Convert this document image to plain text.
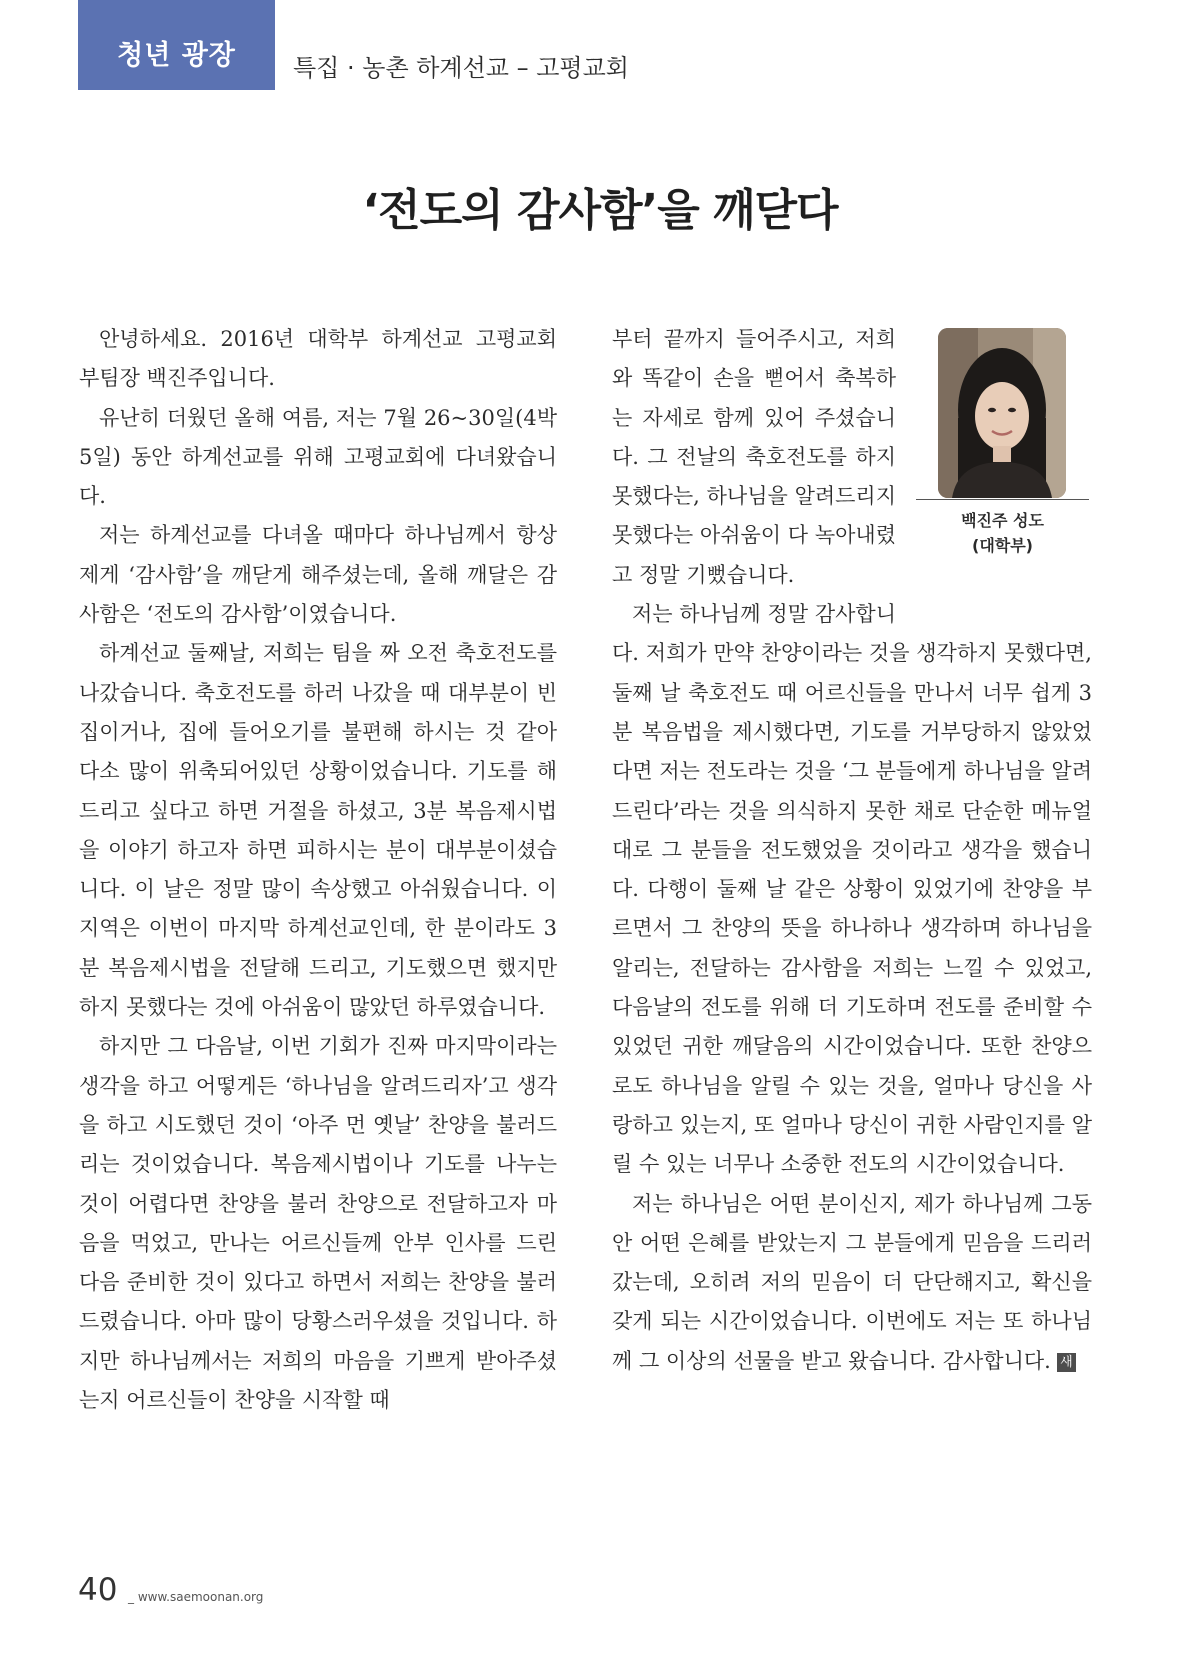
청년 광장	특집 · 농촌 하계선교 – 고평교회
‘전도의 감사함’을 깨닫다

안녕하세요. 2016년 대학부 하계선교 고평교회 부팀장 백진주입니다.

유난히 더웠던 올해 여름, 저는 7월 26~30일(4박 5일) 동안 하계선교를 위해 고평교회에 다녀왔습니다.

저는 하계선교를 다녀올 때마다 하나님께서 항상 제게 ‘감사함’을 깨닫게 해주셨는데, 올해 깨달은 감사함은 ‘전도의 감사함’이였습니다.

하계선교 둘째날, 저희는 팀을 짜 오전 축호전도를 나갔습니다. 축호전도를 하러 나갔을 때 대부분이 빈 집이거나, 집에 들어오기를 불편해 하시는 것 같아 다소 많이 위축되어있던 상황이었습니다. 기도를 해드리고 싶다고 하면 거절을 하셨고, 3분 복음제시법을 이야기 하고자 하면 피하시는 분이 대부분이셨습니다. 이 날은 정말 많이 속상했고 아쉬웠습니다. 이 지역은 이번이 마지막 하계선교인데, 한 분이라도 3분 복음제시법을 전달해 드리고, 기도했으면 했지만 하지 못했다는 것에 아쉬움이 많았던 하루였습니다.

하지만 그 다음날, 이번 기회가 진짜 마지막이라는 생각을 하고 어떻게든 ‘하나님을 알려드리자’고 생각을 하고 시도했던 것이 ‘아주 먼 옛날’ 찬양을 불러드리는 것이었습니다. 복음제시법이나 기도를 나누는 것이 어렵다면 찬양을 불러 찬양으로 전달하고자 마음을 먹었고, 만나는 어르신들께 안부 인사를 드린 다음 준비한 것이 있다고 하면서 저희는 찬양을 불러드렸습니다. 아마 많이 당황스러우셨을 것입니다. 하지만 하나님께서는 저희의 마음을 기쁘게 받아주셨는지 어르신들이 찬양을 시작할 때

부터 끝까지 들어주시고, 저희와 똑같이 손을 뻗어서 축복하는 자세로 함께 있어 주셨습니다. 그 전날의 축호전도를 하지 못했다는, 하나님을 알려드리지 못했다는 아쉬움이 다 녹아내렸고 정말 기뻤습니다.

저는 하나님께 정말 감사합니다. 저희가 만약 찬양이라는 것을 생각하지 못했다면, 둘째 날 축호전도 때 어르신들을 만나서 너무 쉽게 3분 복음법을 제시했다면, 기도를 거부당하지 않았었다면 저는 전도라는 것을 ‘그 분들에게 하나님을 알려드린다’라는 것을 의식하지 못한 채로 단순한 메뉴얼대로 그 분들을 전도했었을 것이라고 생각을 했습니다. 다행이 둘째 날 같은 상황이 있었기에 찬양을 부르면서 그 찬양의 뜻을 하나하나 생각하며 하나님을 알리는, 전달하는 감사함을 저희는 느낄 수 있었고, 다음날의 전도를 위해 더 기도하며 전도를 준비할 수 있었던 귀한 깨달음의 시간이었습니다. 또한 찬양으로도 하나님을 알릴 수 있는 것을, 얼마나 당신을 사랑하고 있는지, 또 얼마나 당신이 귀한 사람인지를 알릴 수 있는 너무나 소중한 전도의 시간이었습니다.

저는 하나님은 어떤 분이신지, 제가 하나님께 그동안 어떤 은혜를 받았는지 그 분들에게 믿음을 드리러 갔는데, 오히려 저의 믿음이 더 단단해지고, 확신을 갖게 되는 시간이었습니다. 이번에도 저는 또 하나님께 그 이상의 선물을 받고 왔습니다. 감사합니다. 새

백진주 성도
(대학부)
40 _ www.saemoonan.org
